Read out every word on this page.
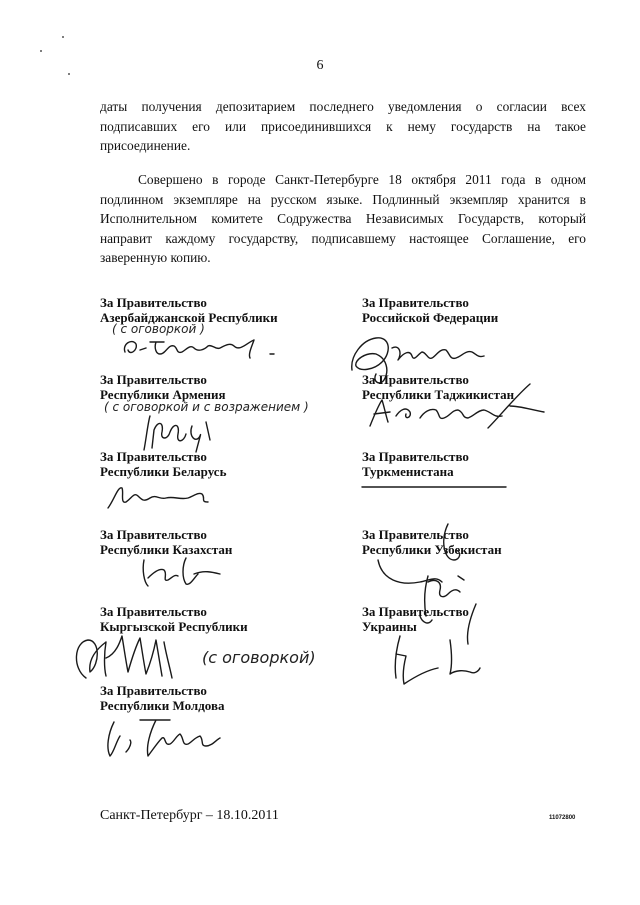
6

даты получения депозитарием последнего уведомления о согласии всех подписавших его или присоединившихся к нему государств на такое присоединение.

Совершено в городе Санкт-Петербурге 18 октября 2011 года в одном подлинном экземпляре на русском языке. Подлинный экземпляр хранится в Исполнительном комитете Содружества Независимых Государств, который направит каждому государству, подписавшему настоящее Соглашение, его заверенную копию.

За Правительство
Азербайджанской Республики

( с оговоркой )

За Правительство
Республики Армения

( с оговоркой и с возражением )

За Правительство
Республики Беларусь

За Правительство
Республики Казахстан

За Правительство
Кыргызской Республики

(с оговоркой)

За Правительство
Республики Молдова

За Правительство
Российской Федерации

За Правительство
Республики Таджикистан

За Правительство
Туркменистана

За Правительство
Республики Узбекистан

За Правительство
Украины

Санкт-Петербург – 18.10.2011	11072800
